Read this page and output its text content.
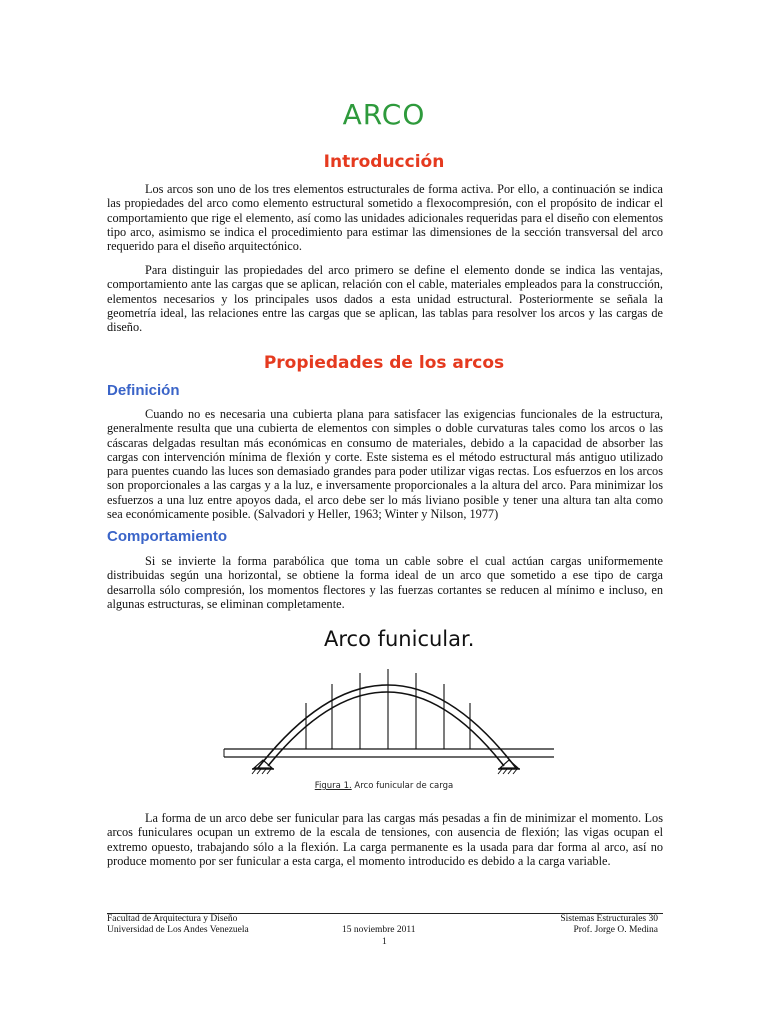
ARCO
Introducción

Los arcos son uno de los tres elementos estructurales de forma activa. Por ello, a continuación se indica las propiedades del arco como elemento estructural sometido a flexocompresión, con el propósito de indicar el comportamiento que rige el elemento, así como las unidades adicionales requeridas para el diseño con elementos tipo arco, asimismo se indica el procedimiento para estimar las dimensiones de la sección transversal del arco requerido para el diseño arquitectónico.

Para distinguir las propiedades del arco primero se define el elemento donde se indica las ventajas, comportamiento ante las cargas que se aplican, relación con el cable, materiales empleados para la construcción, elementos necesarios y los principales usos dados a esta unidad estructural. Posteriormente se señala la geometría ideal, las relaciones entre las cargas que se aplican, las tablas para resolver los arcos y las cargas de diseño.

Propiedades de los arcos
Definición

Cuando no es necesaria una cubierta plana para satisfacer las exigencias funcionales de la estructura, generalmente resulta que una cubierta de elementos con simples o doble curvaturas tales como los arcos o las cáscaras delgadas resultan más económicas en consumo de materiales, debido a la capacidad de absorber las cargas con intervención mínima de flexión y corte. Este sistema es el método estructural más antiguo utilizado para puentes cuando las luces son demasiado grandes para poder utilizar vigas rectas. Los esfuerzos en los arcos son proporcionales a las cargas y a la luz, e inversamente proporcionales a la altura del arco. Para minimizar los esfuerzos a una luz entre apoyos dada, el arco debe ser lo más liviano posible y tener una altura tan alta como sea económicamente posible. (Salvadori y Heller, 1963; Winter y Nilson, 1977)

Comportamiento

Si se invierte la forma parabólica que toma un cable sobre el cual actúan cargas uniformemente distribuidas según una horizontal, se obtiene la forma ideal de un arco que sometido a ese tipo de carga desarrolla sólo compresión, los momentos flectores y las fuerzas cortantes se reducen al mínimo e incluso, en algunas estructuras, se eliminan completamente.

Arco funicular.
Figura 1. Arco funicular de carga

La forma de un arco debe ser funicular para las cargas más pesadas a fin de minimizar el momento. Los arcos funiculares ocupan un extremo de la escala de tensiones, con ausencia de flexión; las vigas ocupan el extremo opuesto, trabajando sólo a la flexión. La carga permanente es la usada para dar forma al arco, así no produce momento por ser funicular a esta carga, el momento introducido es debido a la carga variable.

Facultad de Arquitectura y Diseño
Universidad de Los Andes Venezuela	15 noviembre 2011
1
Sistemas Estructurales 30
Prof. Jorge O. Medina
